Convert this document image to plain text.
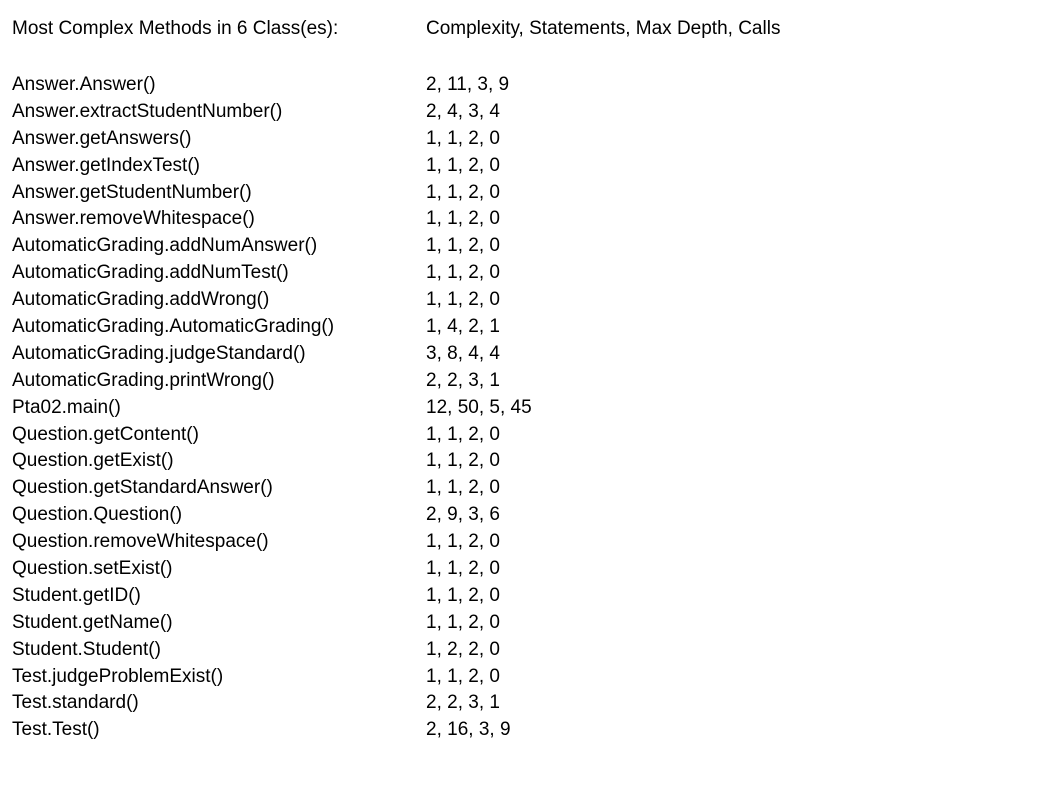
Most Complex Methods in 6 Class(es):	Complexity, Statements, Max Depth, Calls
Answer.Answer()	2, 11, 3, 9
Answer.extractStudentNumber()	2, 4, 3, 4
Answer.getAnswers()	1, 1, 2, 0
Answer.getIndexTest()	1, 1, 2, 0
Answer.getStudentNumber()	1, 1, 2, 0
Answer.removeWhitespace()	1, 1, 2, 0
AutomaticGrading.addNumAnswer()	1, 1, 2, 0
AutomaticGrading.addNumTest()	1, 1, 2, 0
AutomaticGrading.addWrong()	1, 1, 2, 0
AutomaticGrading.AutomaticGrading()	1, 4, 2, 1
AutomaticGrading.judgeStandard()	3, 8, 4, 4
AutomaticGrading.printWrong()	2, 2, 3, 1
Pta02.main()	12, 50, 5, 45
Question.getContent()	1, 1, 2, 0
Question.getExist()	1, 1, 2, 0
Question.getStandardAnswer()	1, 1, 2, 0
Question.Question()	2, 9, 3, 6
Question.removeWhitespace()	1, 1, 2, 0
Question.setExist()	1, 1, 2, 0
Student.getID()	1, 1, 2, 0
Student.getName()	1, 1, 2, 0
Student.Student()	1, 2, 2, 0
Test.judgeProblemExist()	1, 1, 2, 0
Test.standard()	2, 2, 3, 1
Test.Test()	2, 16, 3, 9
